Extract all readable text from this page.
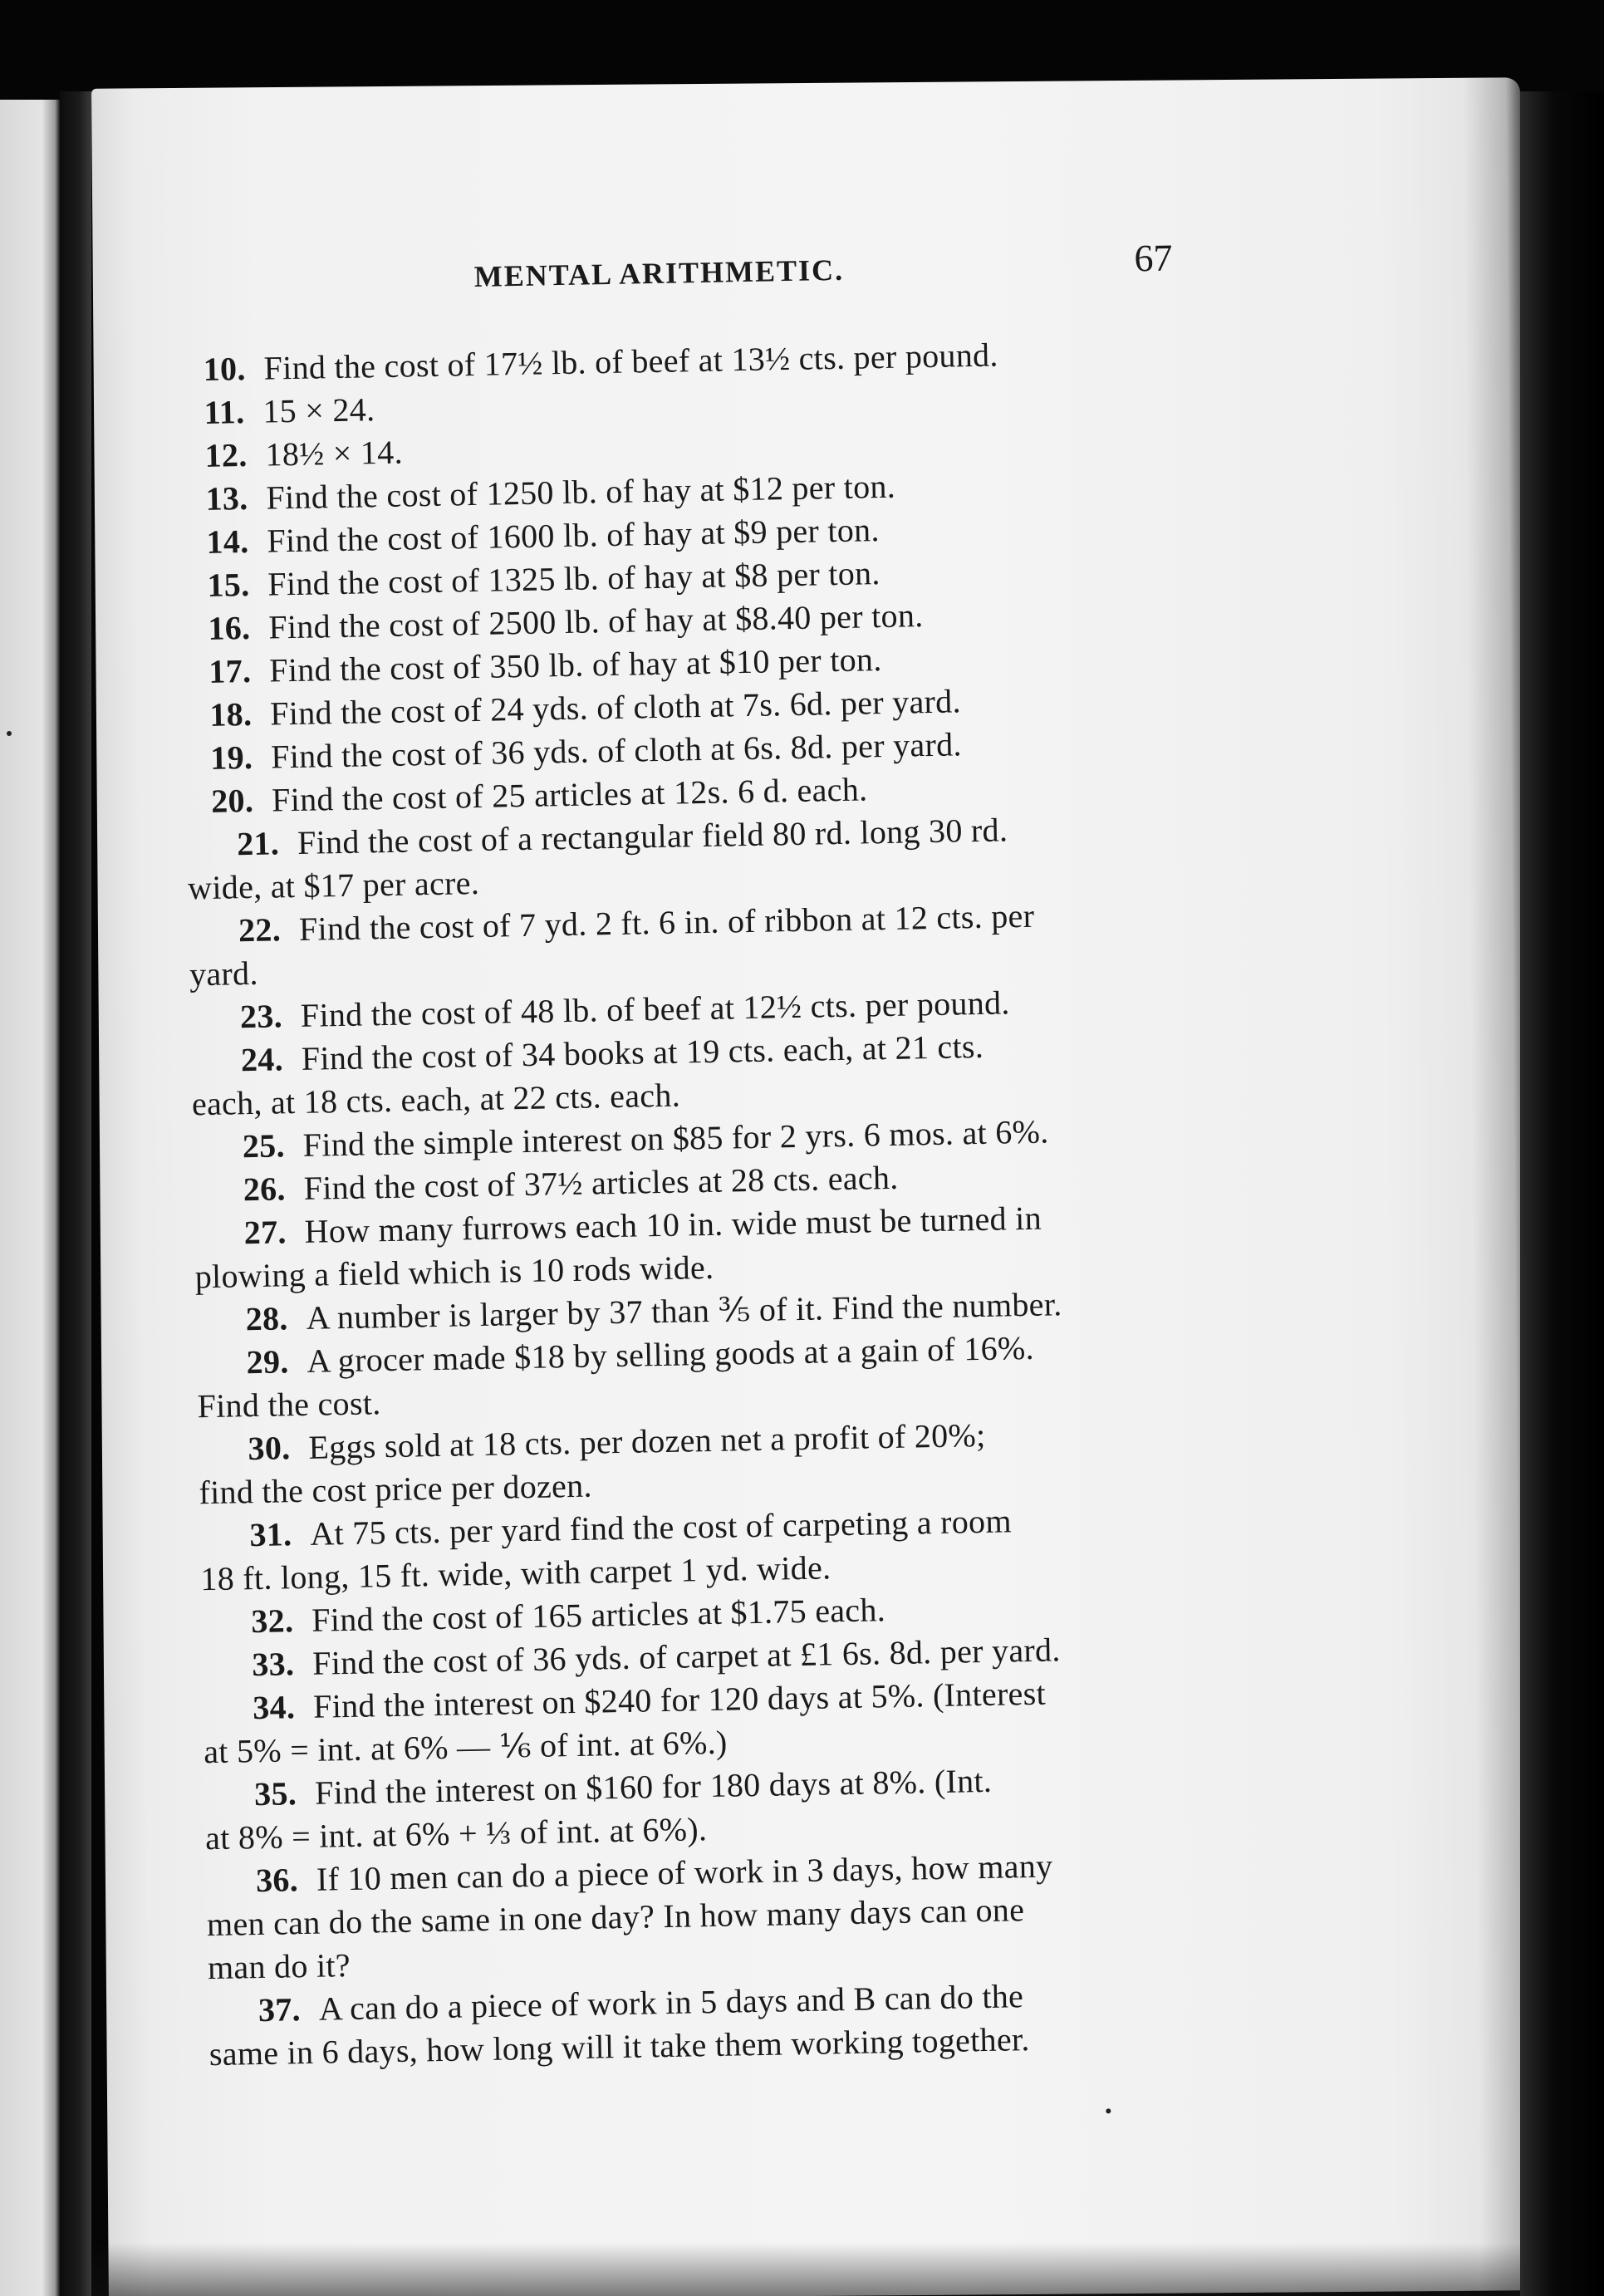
MENTAL ARITHMETIC.	67
10. Find the cost of 17½ lb. of beef at 13½ cts. per pound.
11. 15 × 24.
12. 18½ × 14.
13. Find the cost of 1250 lb. of hay at $12 per ton.
14. Find the cost of 1600 lb. of hay at $9 per ton.
15. Find the cost of 1325 lb. of hay at $8 per ton.
16. Find the cost of 2500 lb. of hay at $8.40 per ton.
17. Find the cost of 350 lb. of hay at $10 per ton.
18. Find the cost of 24 yds. of cloth at 7s. 6d. per yard.
19. Find the cost of 36 yds. of cloth at 6s. 8d. per yard.
20. Find the cost of 25 articles at 12s. 6 d. each.
21. Find the cost of a rectangular field 80 rd. long 30 rd.
wide, at $17 per acre.
22. Find the cost of 7 yd. 2 ft. 6 in. of ribbon at 12 cts. per
yard.
23. Find the cost of 48 lb. of beef at 12½ cts. per pound.
24. Find the cost of 34 books at 19 cts. each, at 21 cts.
each, at 18 cts. each, at 22 cts. each.
25. Find the simple interest on $85 for 2 yrs. 6 mos. at 6%.
26. Find the cost of 37½ articles at 28 cts. each.
27. How many furrows each 10 in. wide must be turned in
plowing a field which is 10 rods wide.
28. A number is larger by 37 than ⅗ of it. Find the number.
29. A grocer made $18 by selling goods at a gain of 16%.
Find the cost.
30. Eggs sold at 18 cts. per dozen net a profit of 20%;
find the cost price per dozen.
31. At 75 cts. per yard find the cost of carpeting a room
18 ft. long, 15 ft. wide, with carpet 1 yd. wide.
32. Find the cost of 165 articles at $1.75 each.
33. Find the cost of 36 yds. of carpet at £1 6s. 8d. per yard.
34. Find the interest on $240 for 120 days at 5%. (Interest
at 5% = int. at 6% — ⅙ of int. at 6%.)
35. Find the interest on $160 for 180 days at 8%. (Int.
at 8% = int. at 6% + ⅓ of int. at 6%).
36. If 10 men can do a piece of work in 3 days, how many
men can do the same in one day? In how many days can one
man do it?
37. A can do a piece of work in 5 days and B can do the
same in 6 days, how long will it take them working together.
